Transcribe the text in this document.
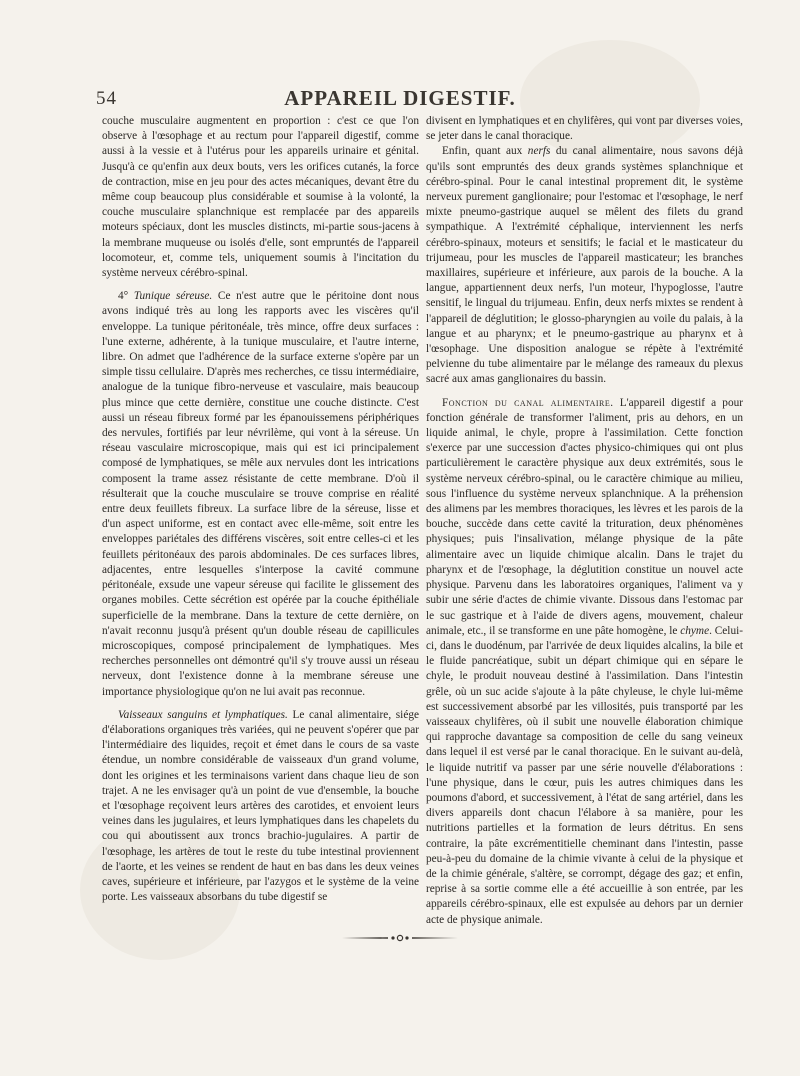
54	APPAREIL DIGESTIF.

couche musculaire augmentent en proportion : c'est ce que l'on observe à l'œsophage et au rectum pour l'appareil digestif, comme aussi à la vessie et à l'utérus pour les appareils urinaire et génital. Jusqu'à ce qu'enfin aux deux bouts, vers les orifices cutanés, la force de contraction, mise en jeu pour des actes mécaniques, devant être du même coup beaucoup plus considérable et soumise à la volonté, la couche musculaire splanchnique est remplacée par des appareils moteurs spéciaux, dont les muscles distincts, mi-partie sous-jacens à la membrane muqueuse ou isolés d'elle, sont empruntés de l'appareil locomoteur, et, comme tels, uniquement soumis à l'incitation du système nerveux cérébro-spinal.

4° Tunique séreuse. Ce n'est autre que le péritoine dont nous avons indiqué très au long les rapports avec les viscères qu'il enveloppe. La tunique péritonéale, très mince, offre deux surfaces : l'une externe, adhérente, à la tunique musculaire, et l'autre interne, libre. On admet que l'adhérence de la surface externe s'opère par un simple tissu cellulaire. D'après mes recherches, ce tissu intermédiaire, analogue de la tunique fibro-nerveuse et vasculaire, mais beaucoup plus mince que cette dernière, constitue une couche distincte. C'est aussi un réseau fibreux formé par les épanouissemens périphériques des nervules, fortifiés par leur névrilème, qui vont à la séreuse. Un réseau vasculaire microscopique, mais qui est ici principalement composé de lymphatiques, se mêle aux nervules dont les intrications composent la trame assez résistante de cette membrane. D'où il résulterait que la couche musculaire se trouve comprise en réalité entre deux feuillets fibreux. La surface libre de la séreuse, lisse et d'un aspect uniforme, est en contact avec elle-même, soit entre les enveloppes pariétales des différens viscères, soit entre celles-ci et les feuillets péritonéaux des parois abdominales. De ces surfaces libres, adjacentes, entre lesquelles s'interpose la cavité commune péritonéale, exsude une vapeur séreuse qui facilite le glissement des organes mobiles. Cette sécrétion est opérée par la couche épithéliale superficielle de la membrane. Dans la texture de cette dernière, on n'avait reconnu jusqu'à présent qu'un double réseau de capillicules microscopiques, composé principalement de lymphatiques. Mes recherches personnelles ont démontré qu'il s'y trouve aussi un réseau nerveux, dont l'existence donne à la membrane séreuse une importance physiologique qu'on ne lui avait pas reconnue.

Vaisseaux sanguins et lymphatiques. Le canal alimentaire, siége d'élaborations organiques très variées, qui ne peuvent s'opérer que par l'intermédiaire des liquides, reçoit et émet dans le cours de sa vaste étendue, un nombre considérable de vaisseaux d'un grand volume, dont les origines et les terminaisons varient dans chaque lieu de son trajet. A ne les envisager qu'à un point de vue d'ensemble, la bouche et l'œsophage reçoivent leurs artères des carotides, et envoient leurs veines dans les jugulaires, et leurs lymphatiques dans les chapelets du cou qui aboutissent aux troncs brachio-jugulaires. A partir de l'œsophage, les artères de tout le reste du tube intestinal proviennent de l'aorte, et les veines se rendent de haut en bas dans les deux veines caves, supérieure et inférieure, par l'azygos et le système de la veine porte. Les vaisseaux absorbans du tube digestif se

divisent en lymphatiques et en chylifères, qui vont par diverses voies, se jeter dans le canal thoracique.

Enfin, quant aux nerfs du canal alimentaire, nous savons déjà qu'ils sont empruntés des deux grands systèmes splanchnique et cérébro-spinal. Pour le canal intestinal proprement dit, le système nerveux purement ganglionaire; pour l'estomac et l'œsophage, le nerf mixte pneumo-gastrique auquel se mêlent des filets du grand sympathique. A l'extrémité céphalique, interviennent les nerfs cérébro-spinaux, moteurs et sensitifs; le facial et le masticateur du trijumeau, pour les muscles de l'appareil masticateur; les branches maxillaires, supérieure et inférieure, aux parois de la bouche. A la langue, appartiennent deux nerfs, l'un moteur, l'hypoglosse, l'autre sensitif, le lingual du trijumeau. Enfin, deux nerfs mixtes se rendent à l'appareil de déglutition; le glosso-pharyngien au voile du palais, à la langue et au pharynx; et le pneumo-gastrique au pharynx et à l'œsophage. Une disposition analogue se répète à l'extrémité pelvienne du tube alimentaire par le mélange des rameaux du plexus sacré aux amas ganglionaires du bassin.

Fonction du canal alimentaire. L'appareil digestif a pour fonction générale de transformer l'aliment, pris au dehors, en un liquide animal, le chyle, propre à l'assimilation. Cette fonction s'exerce par une succession d'actes physico-chimiques qui ont plus particulièrement le caractère physique aux deux extrémités, sous le système nerveux cérébro-spinal, ou le caractère chimique au milieu, sous l'influence du système nerveux splanchnique. A la préhension des alimens par les membres thoraciques, les lèvres et les parois de la bouche, succède dans cette cavité la trituration, deux phénomènes physiques; puis l'insalivation, mélange physique de la pâte alimentaire avec un liquide chimique alcalin. Dans le trajet du pharynx et de l'œsophage, la déglutition constitue un nouvel acte physique. Parvenu dans les laboratoires organiques, l'aliment va y subir une série d'actes de chimie vivante. Dissous dans l'estomac par le suc gastrique et à l'aide de divers agens, mouvement, chaleur animale, etc., il se transforme en une pâte homogène, le chyme. Celui-ci, dans le duodénum, par l'arrivée de deux liquides alcalins, la bile et le fluide pancréatique, subit un départ chimique qui en sépare le chyle, le produit nouveau destiné à l'assimilation. Dans l'intestin grêle, où un suc acide s'ajoute à la pâte chyleuse, le chyle lui-même est successivement absorbé par les villosités, puis transporté par les vaisseaux chylifères, où il subit une nouvelle élaboration chimique qui rapproche davantage sa composition de celle du sang veineux dans lequel il est versé par le canal thoracique. En le suivant au-delà, le liquide nutritif va passer par une série nouvelle d'élaborations : l'une physique, dans le cœur, puis les autres chimiques dans les poumons d'abord, et successivement, à l'état de sang artériel, dans les divers appareils dont chacun l'élabore à sa manière, pour les nutritions partielles et la formation de leurs détritus. En sens contraire, la pâte excrémentitielle cheminant dans l'intestin, passe peu-à-peu du domaine de la chimie vivante à celui de la physique et de la chimie générale, s'altère, se corrompt, dégage des gaz; et enfin, reprise à sa sortie comme elle a été accueillie à son entrée, par les appareils cérébro-spinaux, elle est expulsée au dehors par un dernier acte de physique animale.
